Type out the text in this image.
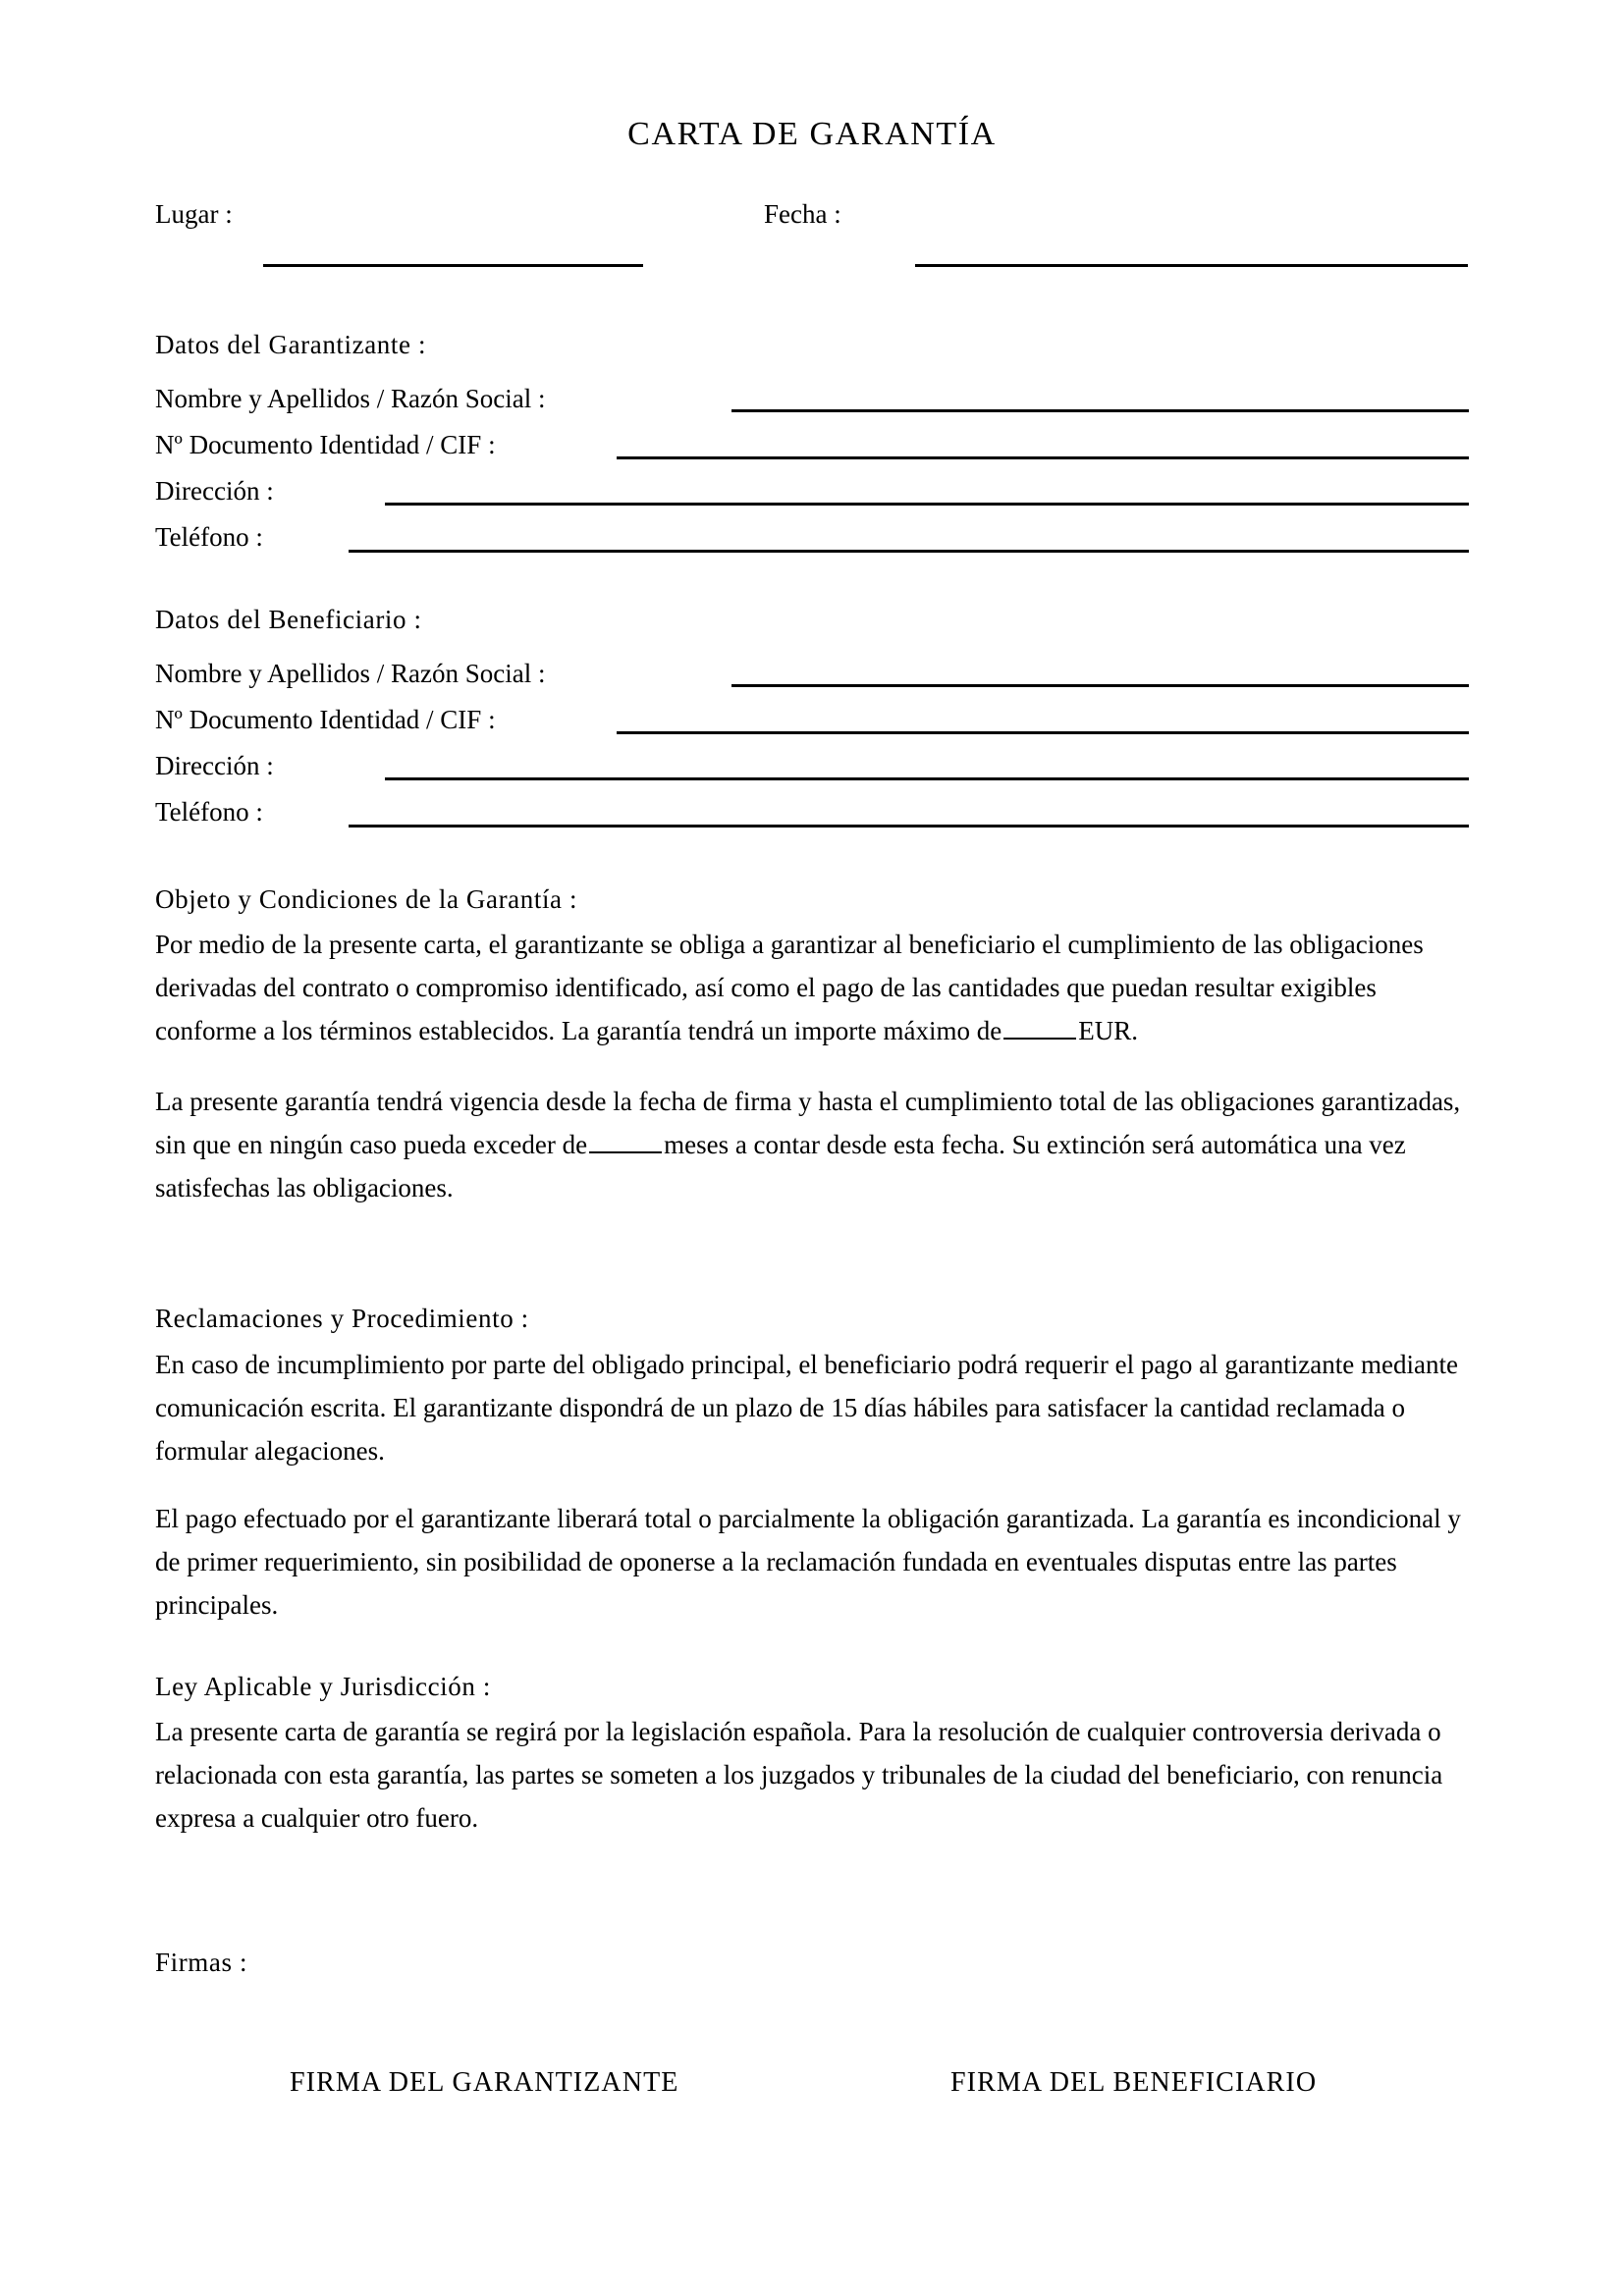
CARTA DE GARANTÍA
Lugar :	Fecha :
Datos del Garantizante :
Nombre y Apellidos / Razón Social :
Nº Documento Identidad / CIF :
Dirección :
Teléfono :
Datos del Beneficiario :
Nombre y Apellidos / Razón Social :
Nº Documento Identidad / CIF :
Dirección :
Teléfono :
Objeto y Condiciones de la Garantía :
Por medio de la presente carta, el garantizante se obliga a garantizar al beneficiario el cumplimiento de las obligaciones derivadas del contrato o compromiso identificado, así como el pago de las cantidades que puedan resultar exigibles conforme a los términos establecidos. La garantía tendrá un importe máximo de	EUR.
La presente garantía tendrá vigencia desde la fecha de firma y hasta el cumplimiento total de las obligaciones garantizadas, sin que en ningún caso pueda exceder de	meses a contar desde esta fecha. Su extinción será automática una vez satisfechas las obligaciones.
Reclamaciones y Procedimiento :
En caso de incumplimiento por parte del obligado principal, el beneficiario podrá requerir el pago al garantizante mediante comunicación escrita. El garantizante dispondrá de un plazo de 15 días hábiles para satisfacer la cantidad reclamada o formular alegaciones.
El pago efectuado por el garantizante liberará total o parcialmente la obligación garantizada. La garantía es incondicional y de primer requerimiento, sin posibilidad de oponerse a la reclamación fundada en eventuales disputas entre las partes principales.
Ley Aplicable y Jurisdicción :
La presente carta de garantía se regirá por la legislación española. Para la resolución de cualquier controversia derivada o relacionada con esta garantía, las partes se someten a los juzgados y tribunales de la ciudad del beneficiario, con renuncia expresa a cualquier otro fuero.
Firmas :
FIRMA DEL GARANTIZANTE	FIRMA DEL BENEFICIARIO
